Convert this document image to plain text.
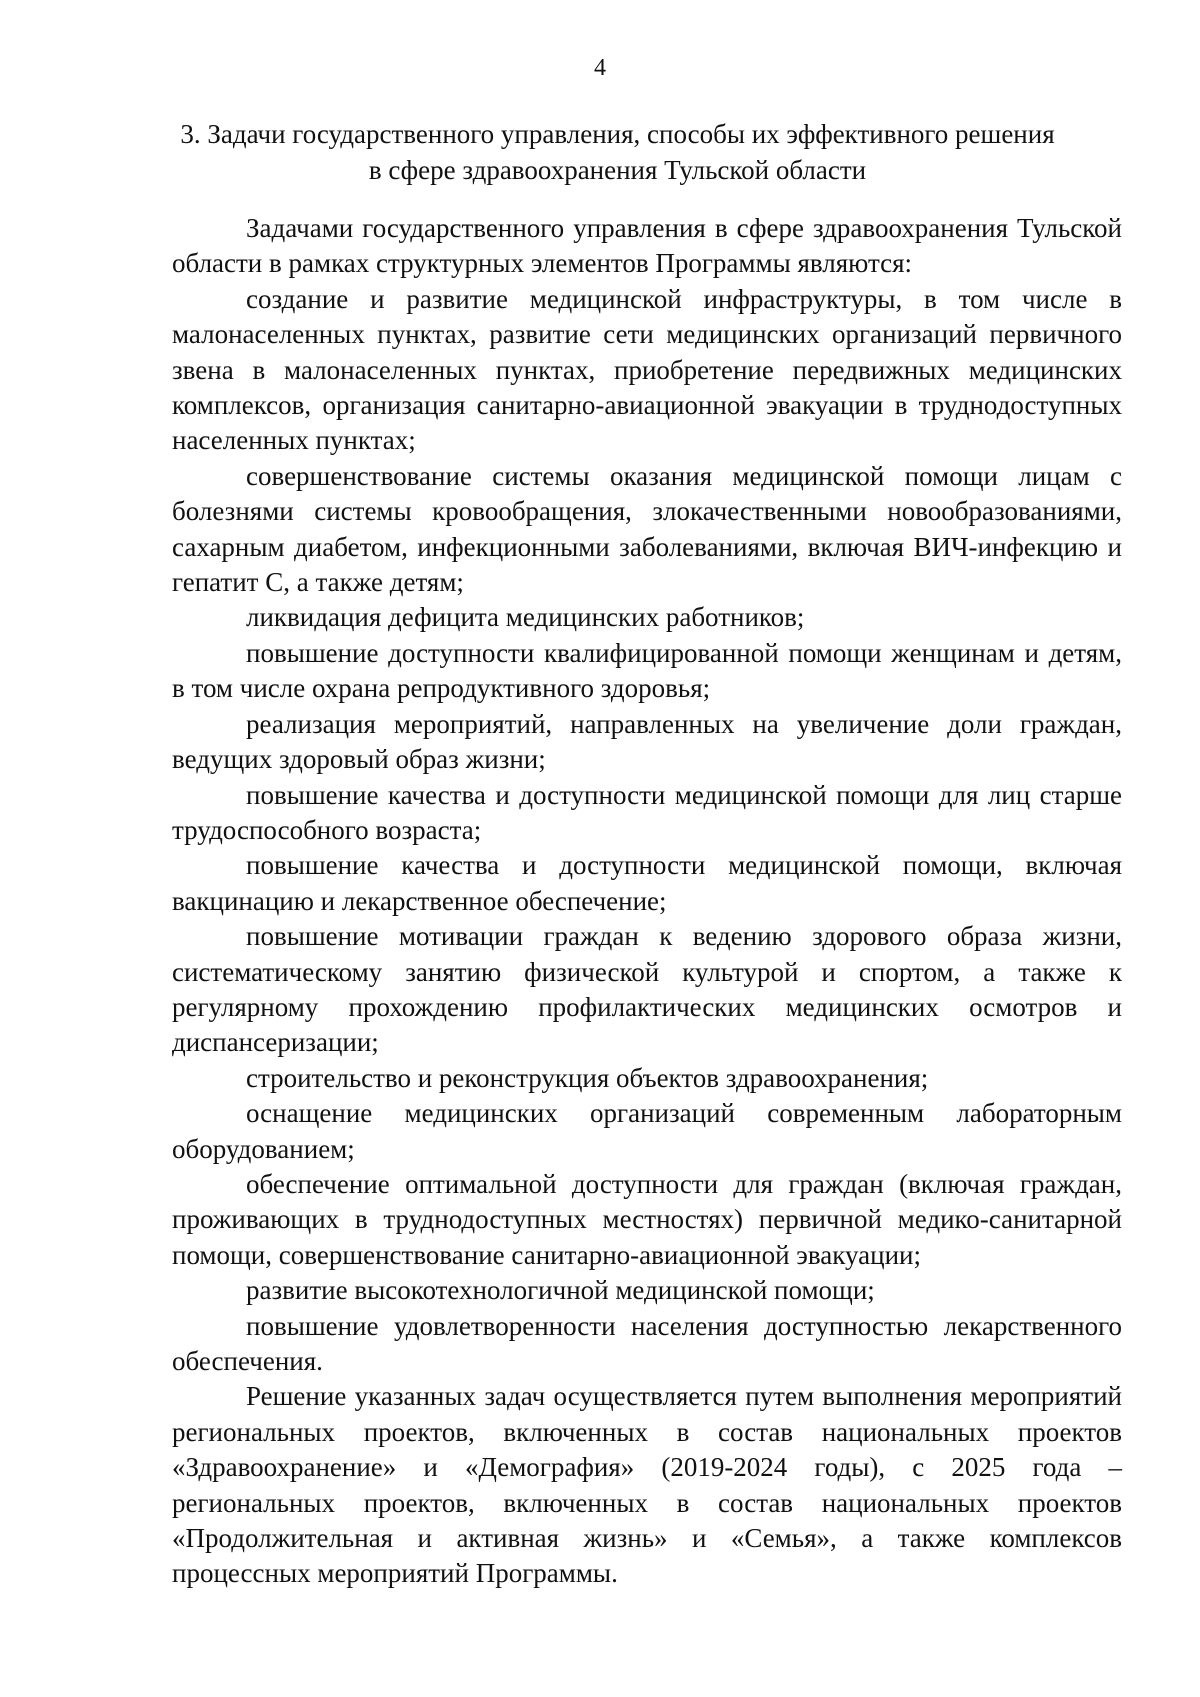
4
3. Задачи государственного управления, способы их эффективного решения
в сфере здравоохранения Тульской области

Задачами государственного управления в сфере здравоохранения Тульской области в рамках структурных элементов Программы являются:

создание и развитие медицинской инфраструктуры, в том числе в малонаселенных пунктах, развитие сети медицинских организаций первичного звена в малонаселенных пунктах, приобретение передвижных медицинских комплексов, организация санитарно-авиационной эвакуации в труднодоступных населенных пунктах;

совершенствование системы оказания медицинской помощи лицам с болезнями системы кровообращения, злокачественными новообразованиями, сахарным диабетом, инфекционными заболеваниями, включая ВИЧ-инфекцию и гепатит С, а также детям;

ликвидация дефицита медицинских работников;

повышение доступности квалифицированной помощи женщинам и детям, в том числе охрана репродуктивного здоровья;

реализация мероприятий, направленных на увеличение доли граждан, ведущих здоровый образ жизни;

повышение качества и доступности медицинской помощи для лиц старше трудоспособного возраста;

повышение качества и доступности медицинской помощи, включая вакцинацию и лекарственное обеспечение;

повышение мотивации граждан к ведению здорового образа жизни, систематическому занятию физической культурой и спортом, а также к регулярному прохождению профилактических медицинских осмотров и диспансеризации;

строительство и реконструкция объектов здравоохранения;

оснащение медицинских организаций современным лабораторным оборудованием;

обеспечение оптимальной доступности для граждан (включая граждан, проживающих в труднодоступных местностях) первичной медико-санитарной помощи, совершенствование санитарно-авиационной эвакуации;

развитие высокотехнологичной медицинской помощи;

повышение удовлетворенности населения доступностью лекарственного обеспечения.

Решение указанных задач осуществляется путем выполнения мероприятий региональных проектов, включенных в состав национальных проектов «Здравоохранение» и «Демография» (2019-2024 годы), с 2025 года – региональных проектов, включенных в состав национальных проектов «Продолжительная и активная жизнь» и «Семья», а также комплексов процессных мероприятий Программы.
